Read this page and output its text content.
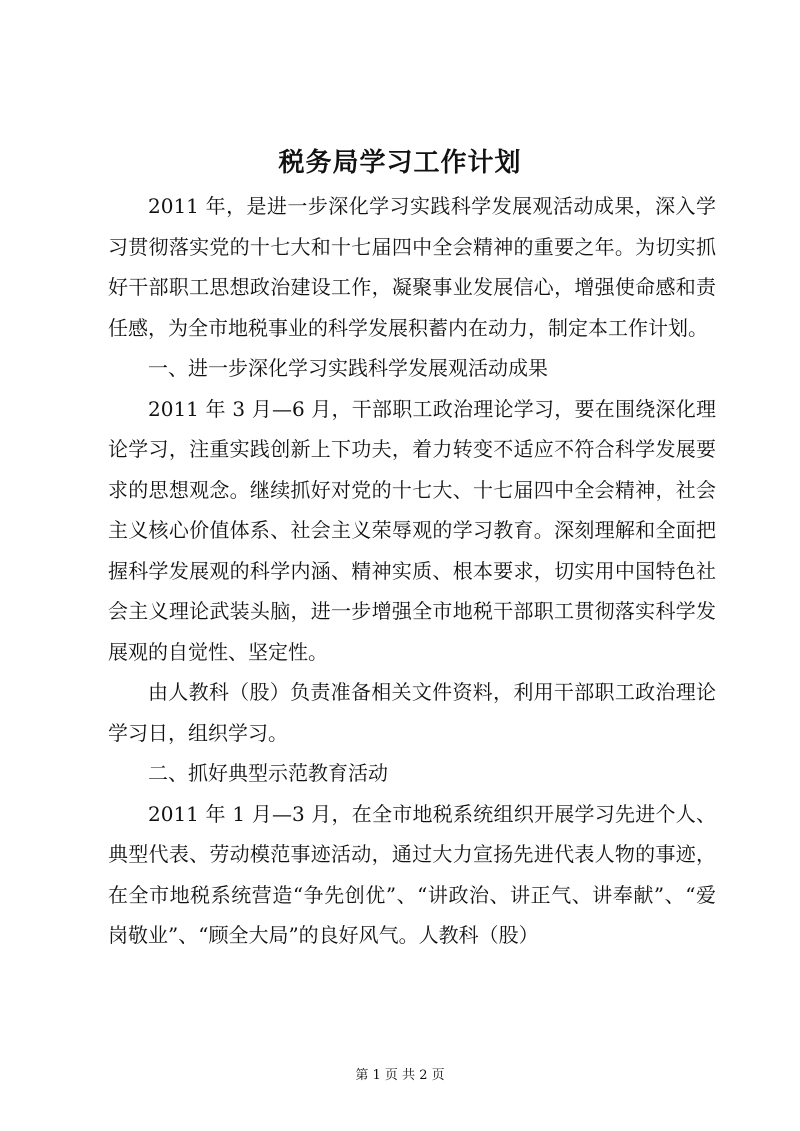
税务局学习工作计划

2011 年，是进一步深化学习实践科学发展观活动成果，深入学习贯彻落实党的十七大和十七届四中全会精神的重要之年。为切实抓好干部职工思想政治建设工作，凝聚事业发展信心，增强使命感和责任感，为全市地税事业的科学发展积蓄内在动力，制定本工作计划。

一、进一步深化学习实践科学发展观活动成果

2011 年 3 月—6 月，干部职工政治理论学习，要在围绕深化理论学习，注重实践创新上下功夫，着力转变不适应不符合科学发展要求的思想观念。继续抓好对党的十七大、十七届四中全会精神，社会主义核心价值体系、社会主义荣辱观的学习教育。深刻理解和全面把握科学发展观的科学内涵、精神实质、根本要求，切实用中国特色社会主义理论武装头脑，进一步增强全市地税干部职工贯彻落实科学发展观的自觉性、坚定性。

由人教科（股）负责准备相关文件资料，利用干部职工政治理论学习日，组织学习。

二、抓好典型示范教育活动

2011 年 1 月—3 月，在全市地税系统组织开展学习先进个人、典型代表、劳动模范事迹活动，通过大力宣扬先进代表人物的事迹，在全市地税系统营造“争先创优”、“讲政治、讲正气、讲奉献”、“爱岗敬业”、“顾全大局”的良好风气。人教科（股）

第 1 页 共 2 页
